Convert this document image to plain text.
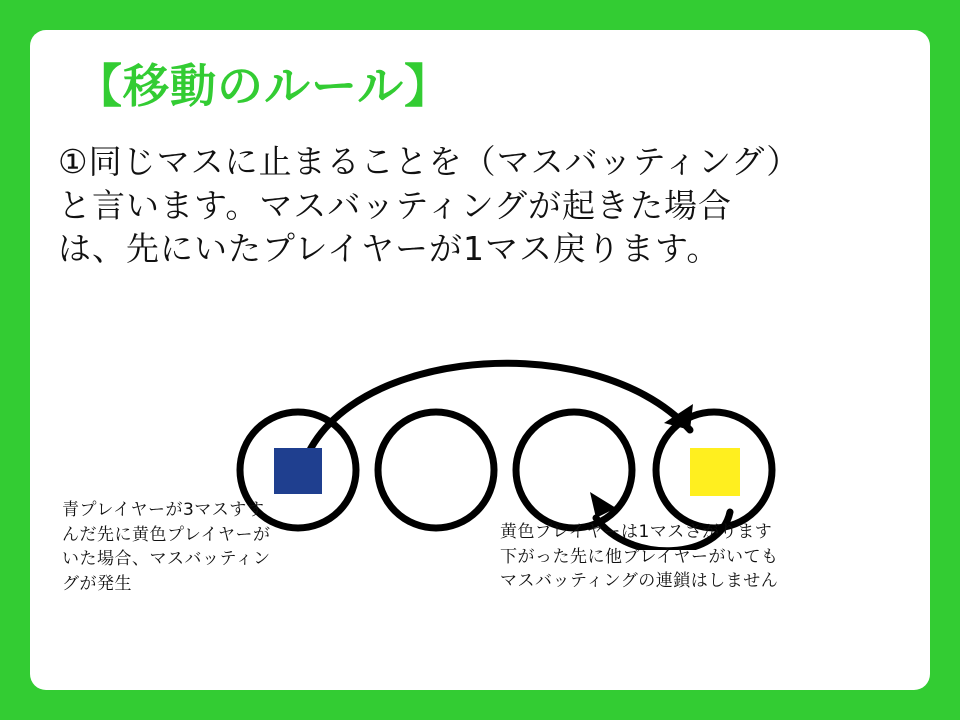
【移動のルール】
①同じマスに止まることを（マスバッティング）
と言います。マスバッティングが起きた場合
は、先にいたプレイヤーが1マス戻ります。
青プレイヤーが3マスすす
んだ先に黄色プレイヤーが
いた場合、マスバッティン
グが発生
黄色プレイヤーは1マスさがります
下がった先に他プレイヤーがいても
マスバッティングの連鎖はしません
